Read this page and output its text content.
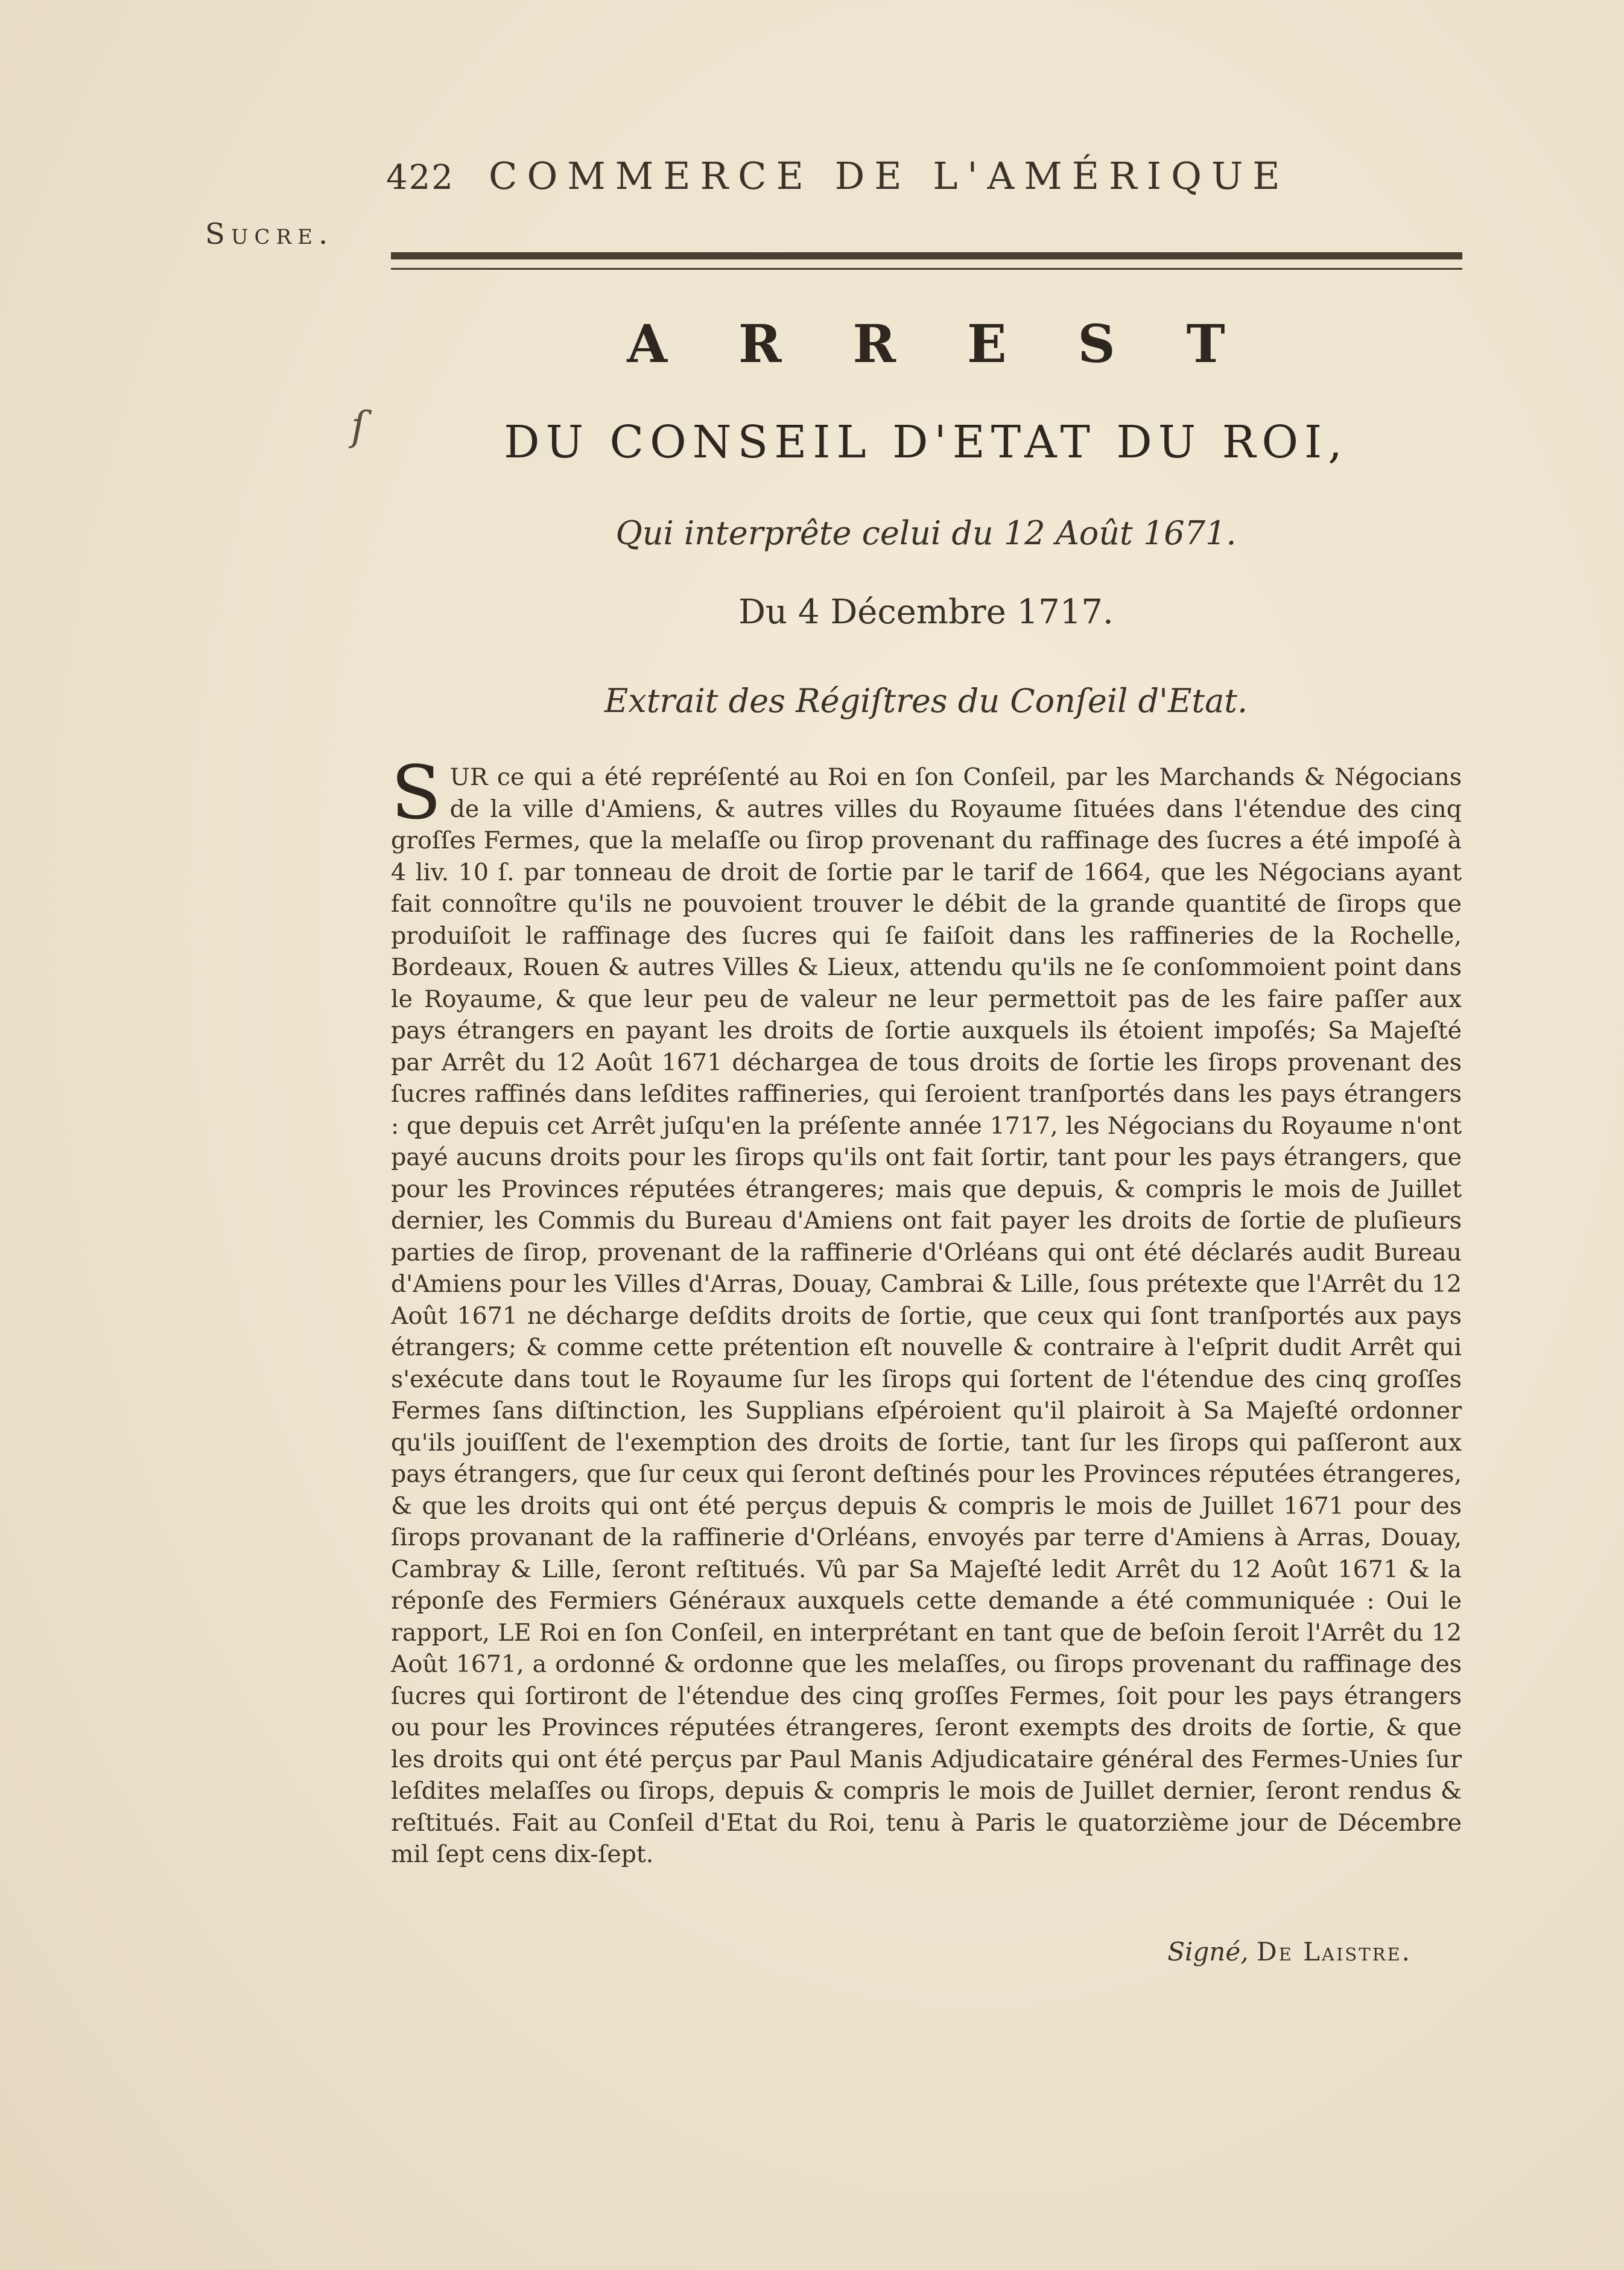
422 COMMERCE DE L'AMÉRIQUE
Sucre.
ſ
ARREST
DU CONSEIL D'ETAT DU ROI,
Qui interprête celui du 12 Août 1671.
Du 4 Décembre 1717.
Extrait des Régiſtres du Conſeil d'Etat.
S UR ce qui a été repréſenté au Roi en ſon Conſeil, par les Marchands & Négocians de la ville d'Amiens, & autres villes du Royaume ſituées dans l'étendue des cinq groſſes Fermes, que la melaſſe ou ſirop provenant du raffinage des ſucres a été impoſé à 4 liv. 10 ſ. par tonneau de droit de ſortie par le tarif de 1664, que les Négocians ayant fait connoître qu'ils ne pouvoient trouver le débit de la grande quantité de ſirops que produiſoit le raffinage des ſucres qui ſe faiſoit dans les raffineries de la Rochelle, Bordeaux, Rouen & autres Villes & Lieux, attendu qu'ils ne ſe conſommoient point dans le Royaume, & que leur peu de valeur ne leur permettoit pas de les faire paſſer aux pays étrangers en payant les droits de ſortie auxquels ils étoient impoſés; Sa Majeſté par Arrêt du 12 Août 1671 déchargea de tous droits de ſortie les ſirops provenant des ſucres raffinés dans leſdites raffineries, qui ſeroient tranſportés dans les pays étrangers : que depuis cet Arrêt juſqu'en la préſente année 1717, les Négocians du Royaume n'ont payé aucuns droits pour les ſirops qu'ils ont fait ſortir, tant pour les pays étrangers, que pour les Provinces réputées étrangeres; mais que depuis, & compris le mois de Juillet dernier, les Commis du Bureau d'Amiens ont fait payer les droits de ſortie de pluſieurs parties de ſirop, provenant de la raffinerie d'Orléans qui ont été déclarés audit Bureau d'Amiens pour les Villes d'Arras, Douay, Cambrai & Lille, ſous prétexte que l'Arrêt du 12 Août 1671 ne décharge deſdits droits de ſortie, que ceux qui ſont tranſportés aux pays étrangers; & comme cette prétention eſt nouvelle & contraire à l'eſprit dudit Arrêt qui s'exécute dans tout le Royaume ſur les ſirops qui ſortent de l'étendue des cinq groſſes Fermes ſans diſtinction, les Supplians eſpéroient qu'il plairoit à Sa Majeſté ordonner qu'ils jouiſſent de l'exemption des droits de ſortie, tant ſur les ſirops qui paſſeront aux pays étrangers, que ſur ceux qui ſeront deſtinés pour les Provinces réputées étrangeres, & que les droits qui ont été perçus depuis & compris le mois de Juillet 1671 pour des ſirops provanant de la raffinerie d'Orléans, envoyés par terre d'Amiens à Arras, Douay, Cambray & Lille, ſeront reſtitués. Vû par Sa Majeſté ledit Arrêt du 12 Août 1671 & la réponſe des Fermiers Généraux auxquels cette demande a été communiquée : Oui le rapport, LE Roi en ſon Conſeil, en interprétant en tant que de beſoin ſeroit l'Arrêt du 12 Août 1671, a ordonné & ordonne que les melaſſes, ou ſirops provenant du raffinage des ſucres qui ſortiront de l'étendue des cinq groſſes Fermes, ſoit pour les pays étrangers ou pour les Provinces réputées étrangeres, ſeront exempts des droits de ſortie, & que les droits qui ont été perçus par Paul Manis Adjudicataire général des Fermes-Unies ſur leſdites melaſſes ou ſirops, depuis & compris le mois de Juillet dernier, ſeront rendus & reſtitués. Fait au Conſeil d'Etat du Roi, tenu à Paris le quatorzième jour de Décembre mil ſept cens dix-ſept.
Signé, De Laistre.
